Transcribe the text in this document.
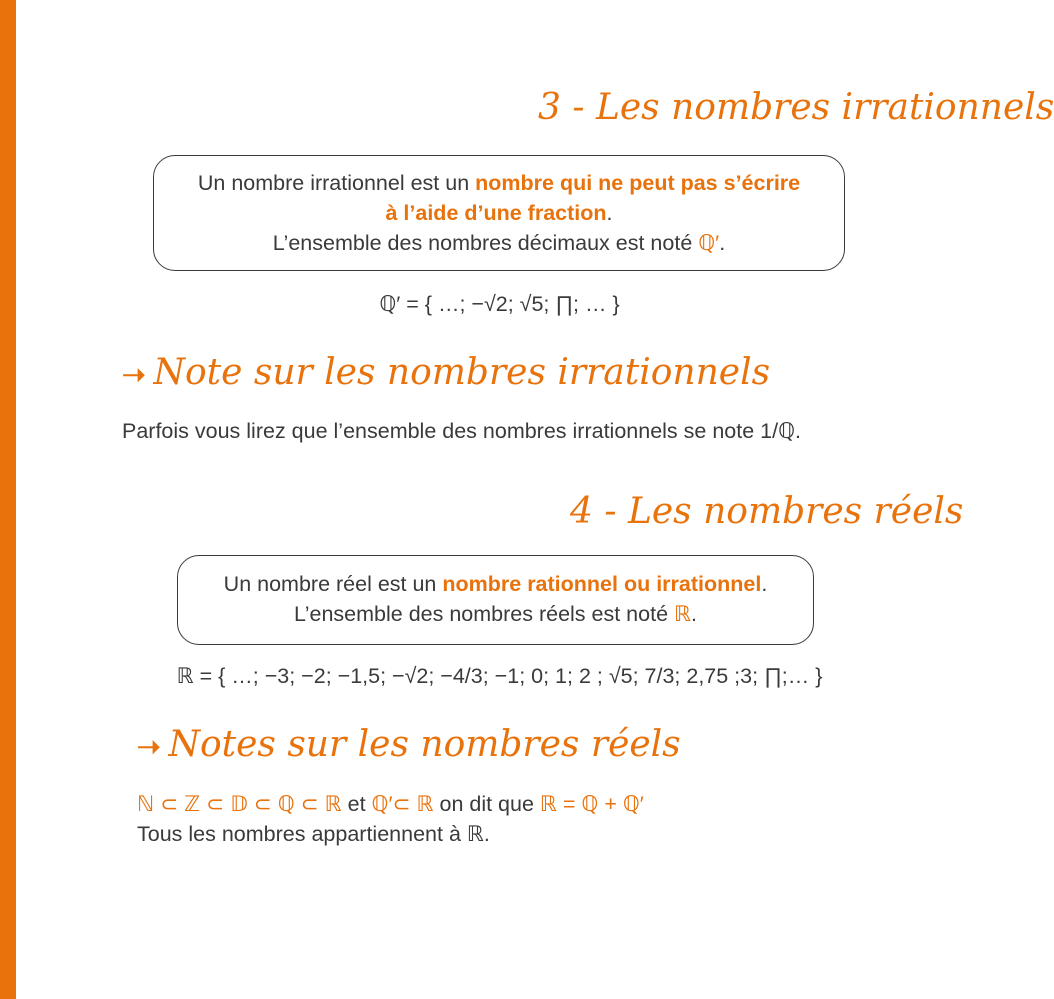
3 - Les nombres irrationnels

Un nombre irrationnel est un nombre qui ne peut pas s’écrire

à l’aide d’une fraction.

L’ensemble des nombres décimaux est noté ℚ′.

ℚ′ = { …; −√2; √5; ∏; … }
➝ Note sur les nombres irrationnels
Parfois vous lirez que l’ensemble des nombres irrationnels se note 1/ℚ.
4 - Les nombres réels

Un nombre réel est un nombre rationnel ou irrationnel.

L’ensemble des nombres réels est noté ℝ.

ℝ = { …; −3; −2; −1,5; −√2; −4/3; −1; 0; 1; 2 ; √5; 7/3; 2,75 ;3; ∏;… }
➝ Notes sur les nombres réels
ℕ ⊂ ℤ ⊂ 𝔻 ⊂ ℚ ⊂ ℝ et ℚ′⊂ ℝ on dit que ℝ = ℚ + ℚ′
Tous les nombres appartiennent à ℝ.
